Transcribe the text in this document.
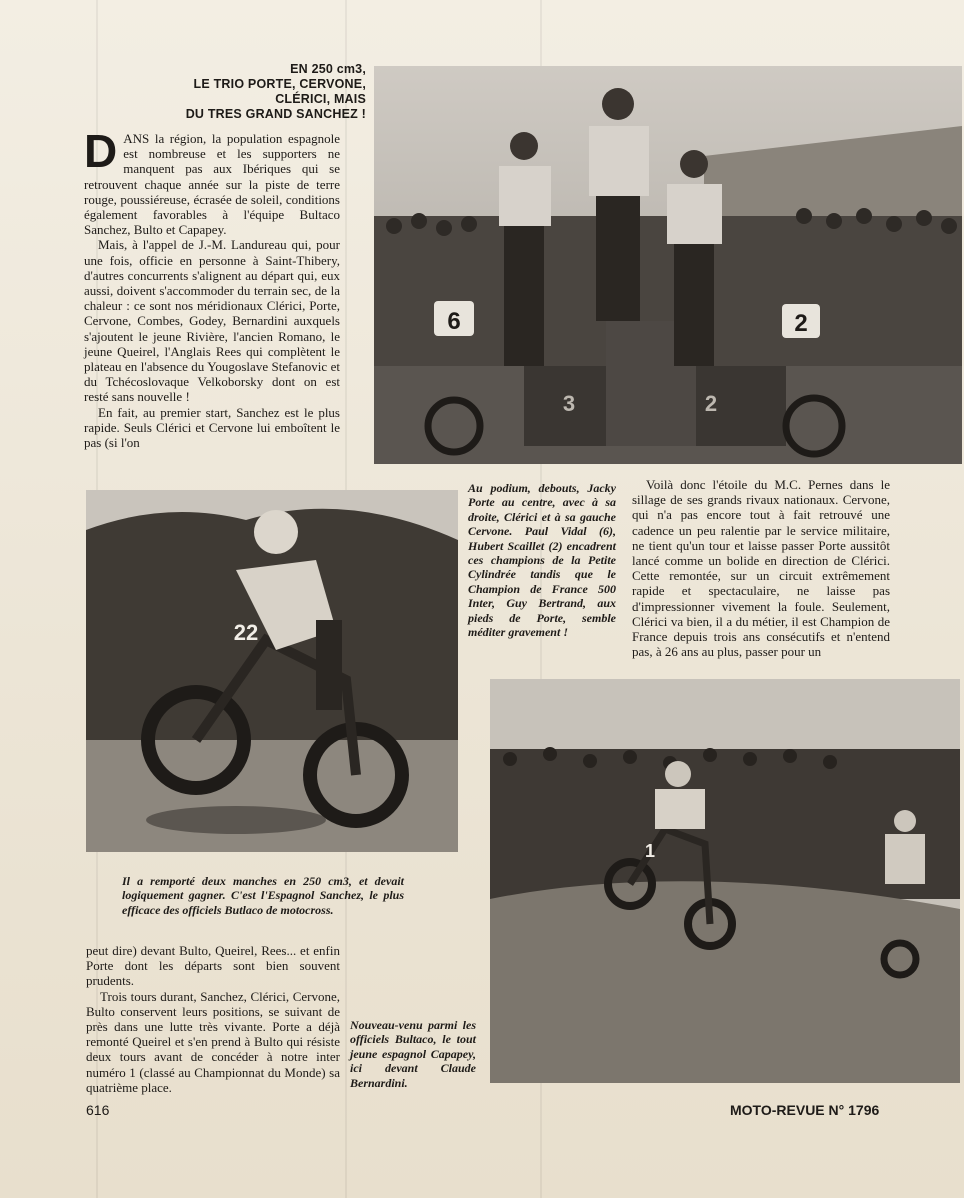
EN 250 cm3,
LE TRIO PORTE, CERVONE,
CLÉRICI, MAIS
DU TRES GRAND SANCHEZ !

DANS la région, la population espagnole est nombreuse et les supporters ne manquent pas aux Ibériques qui se retrouvent chaque année sur la piste de terre rouge, poussiéreuse, écrasée de soleil, conditions également favorables à l'équipe Bultaco Sanchez, Bulto et Capapey.

Mais, à l'appel de J.-M. Landureau qui, pour une fois, officie en personne à Saint-Thibery, d'autres concurrents s'alignent au départ qui, eux aussi, doivent s'accommoder du terrain sec, de la chaleur : ce sont nos méridionaux Clérici, Porte, Cervone, Combes, Godey, Bernardini auxquels s'ajoutent le jeune Rivière, l'ancien Romano, le jeune Queirel, l'Anglais Rees qui complètent le plateau en l'absence du Yougoslave Stefanovic et du Tchécoslovaque Velkoborsky dont on est resté sans nouvelle !

En fait, au premier start, Sanchez est le plus rapide. Seuls Clérici et Cervone lui emboîtent le pas (si l'on

6	2
3	2
Au podium, debouts, Jacky Porte au centre, avec à sa droite, Clérici et à sa gauche Cervone. Paul Vidal (6), Hubert Scaillet (2) encadrent ces champions de la Petite Cylindrée tandis que le Champion de France 500 Inter, Guy Bertrand, aux pieds de Porte, semble méditer gravement !

Voilà donc l'étoile du M.C. Pernes dans le sillage de ses grands rivaux nationaux. Cervone, qui n'a pas encore tout à fait retrouvé une cadence un peu ralentie par le service militaire, ne tient qu'un tour et laisse passer Porte aussitôt lancé comme un bolide en direction de Clérici. Cette remontée, sur un circuit extrêmement rapide et spectaculaire, ne laisse pas d'impressionner vivement la foule. Seulement, Clérici va bien, il a du métier, il est Champion de France depuis trois ans consécutifs et n'entend pas, à 26 ans au plus, passer pour un

22
Il a remporté deux manches en 250 cm3, et devait logiquement gagner. C'est l'Espagnol Sanchez, le plus efficace des officiels Butlaco de motocross.

peut dire) devant Bulto, Queirel, Rees... et enfin Porte dont les départs sont bien souvent prudents.

Trois tours durant, Sanchez, Clérici, Cervone, Bulto conservent leurs positions, se suivant de près dans une lutte très vivante. Porte a déjà remonté Queirel et s'en prend à Bulto qui résiste deux tours avant de concéder à notre inter numéro 1 (classé au Championnat du Monde) sa quatrième place.

Nouveau-venu parmi les officiels Bultaco, le tout jeune espagnol Capapey, ici devant Claude Bernardini.
1
616	MOTO-REVUE N° 1796
